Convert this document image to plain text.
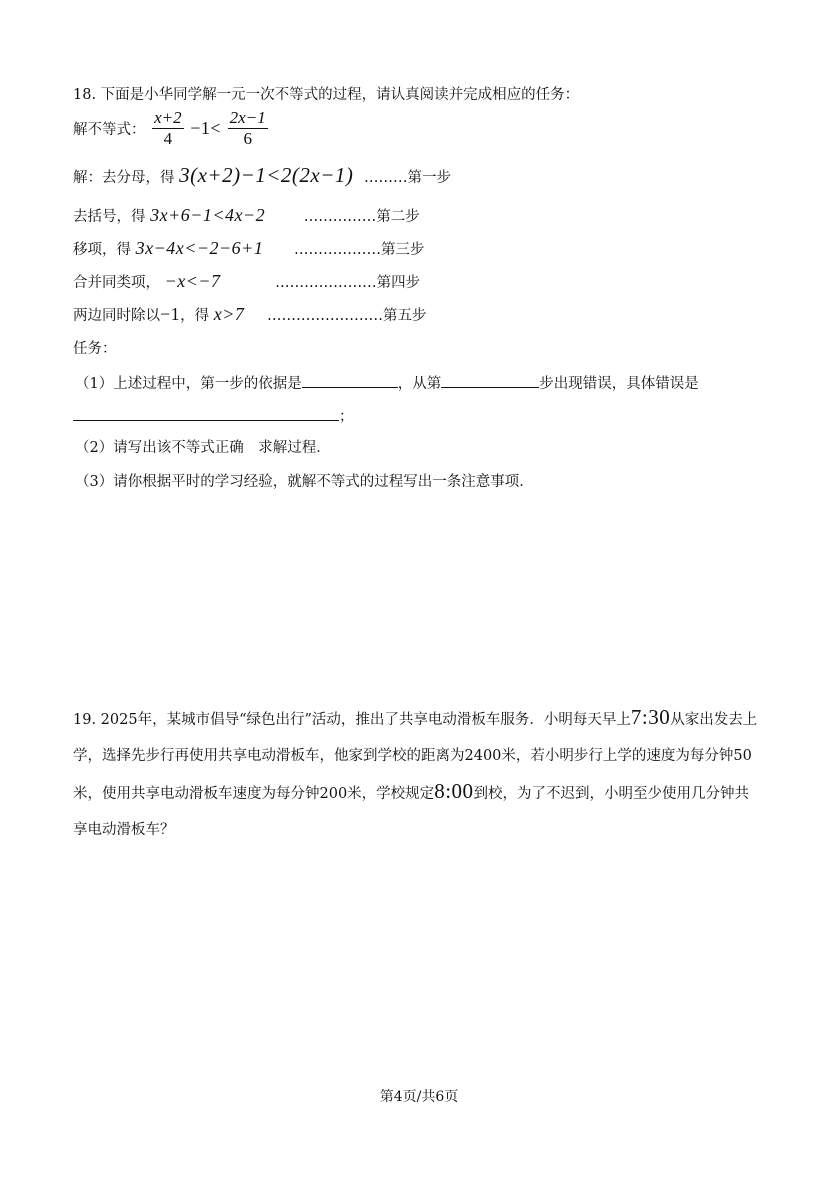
18. 下面是小华同学解一元一次不等式的过程，请认真阅读并完成相应的任务：
解不等式： $\frac{x+2}{4} -1< \frac{2x-1}{6}$
解：去分母，得 3(x+2)−1<2(2x−1) ………第一步
去括号，得 3x+6−1<4x−2	……………第二步
移项，得 3x−4x<−2−6+1 ………………第三步
合并同类项， −x<−7	…………………第四步
两边同时除以−1，得 x>7 ……………………第五步
任务：
（1）上述过程中，第一步的依据是	，从第	步出现错误，具体错误是
；
（2）请写出该不等式正确　求解过程．
（3）请你根据平时的学习经验，就解不等式的过程写出一条注意事项．
19. 2025年，某城市倡导“绿色出行”活动，推出了共享电动滑板车服务．小明每天早上7:30从家出发去上学，选择先步行再使用共享电动滑板车，他家到学校的距离为2400米，若小明步行上学的速度为每分钟50米，使用共享电动滑板车速度为每分钟200米，学校规定8:00到校，为了不迟到，小明至少使用几分钟共享电动滑板车？
第4页/共6页
